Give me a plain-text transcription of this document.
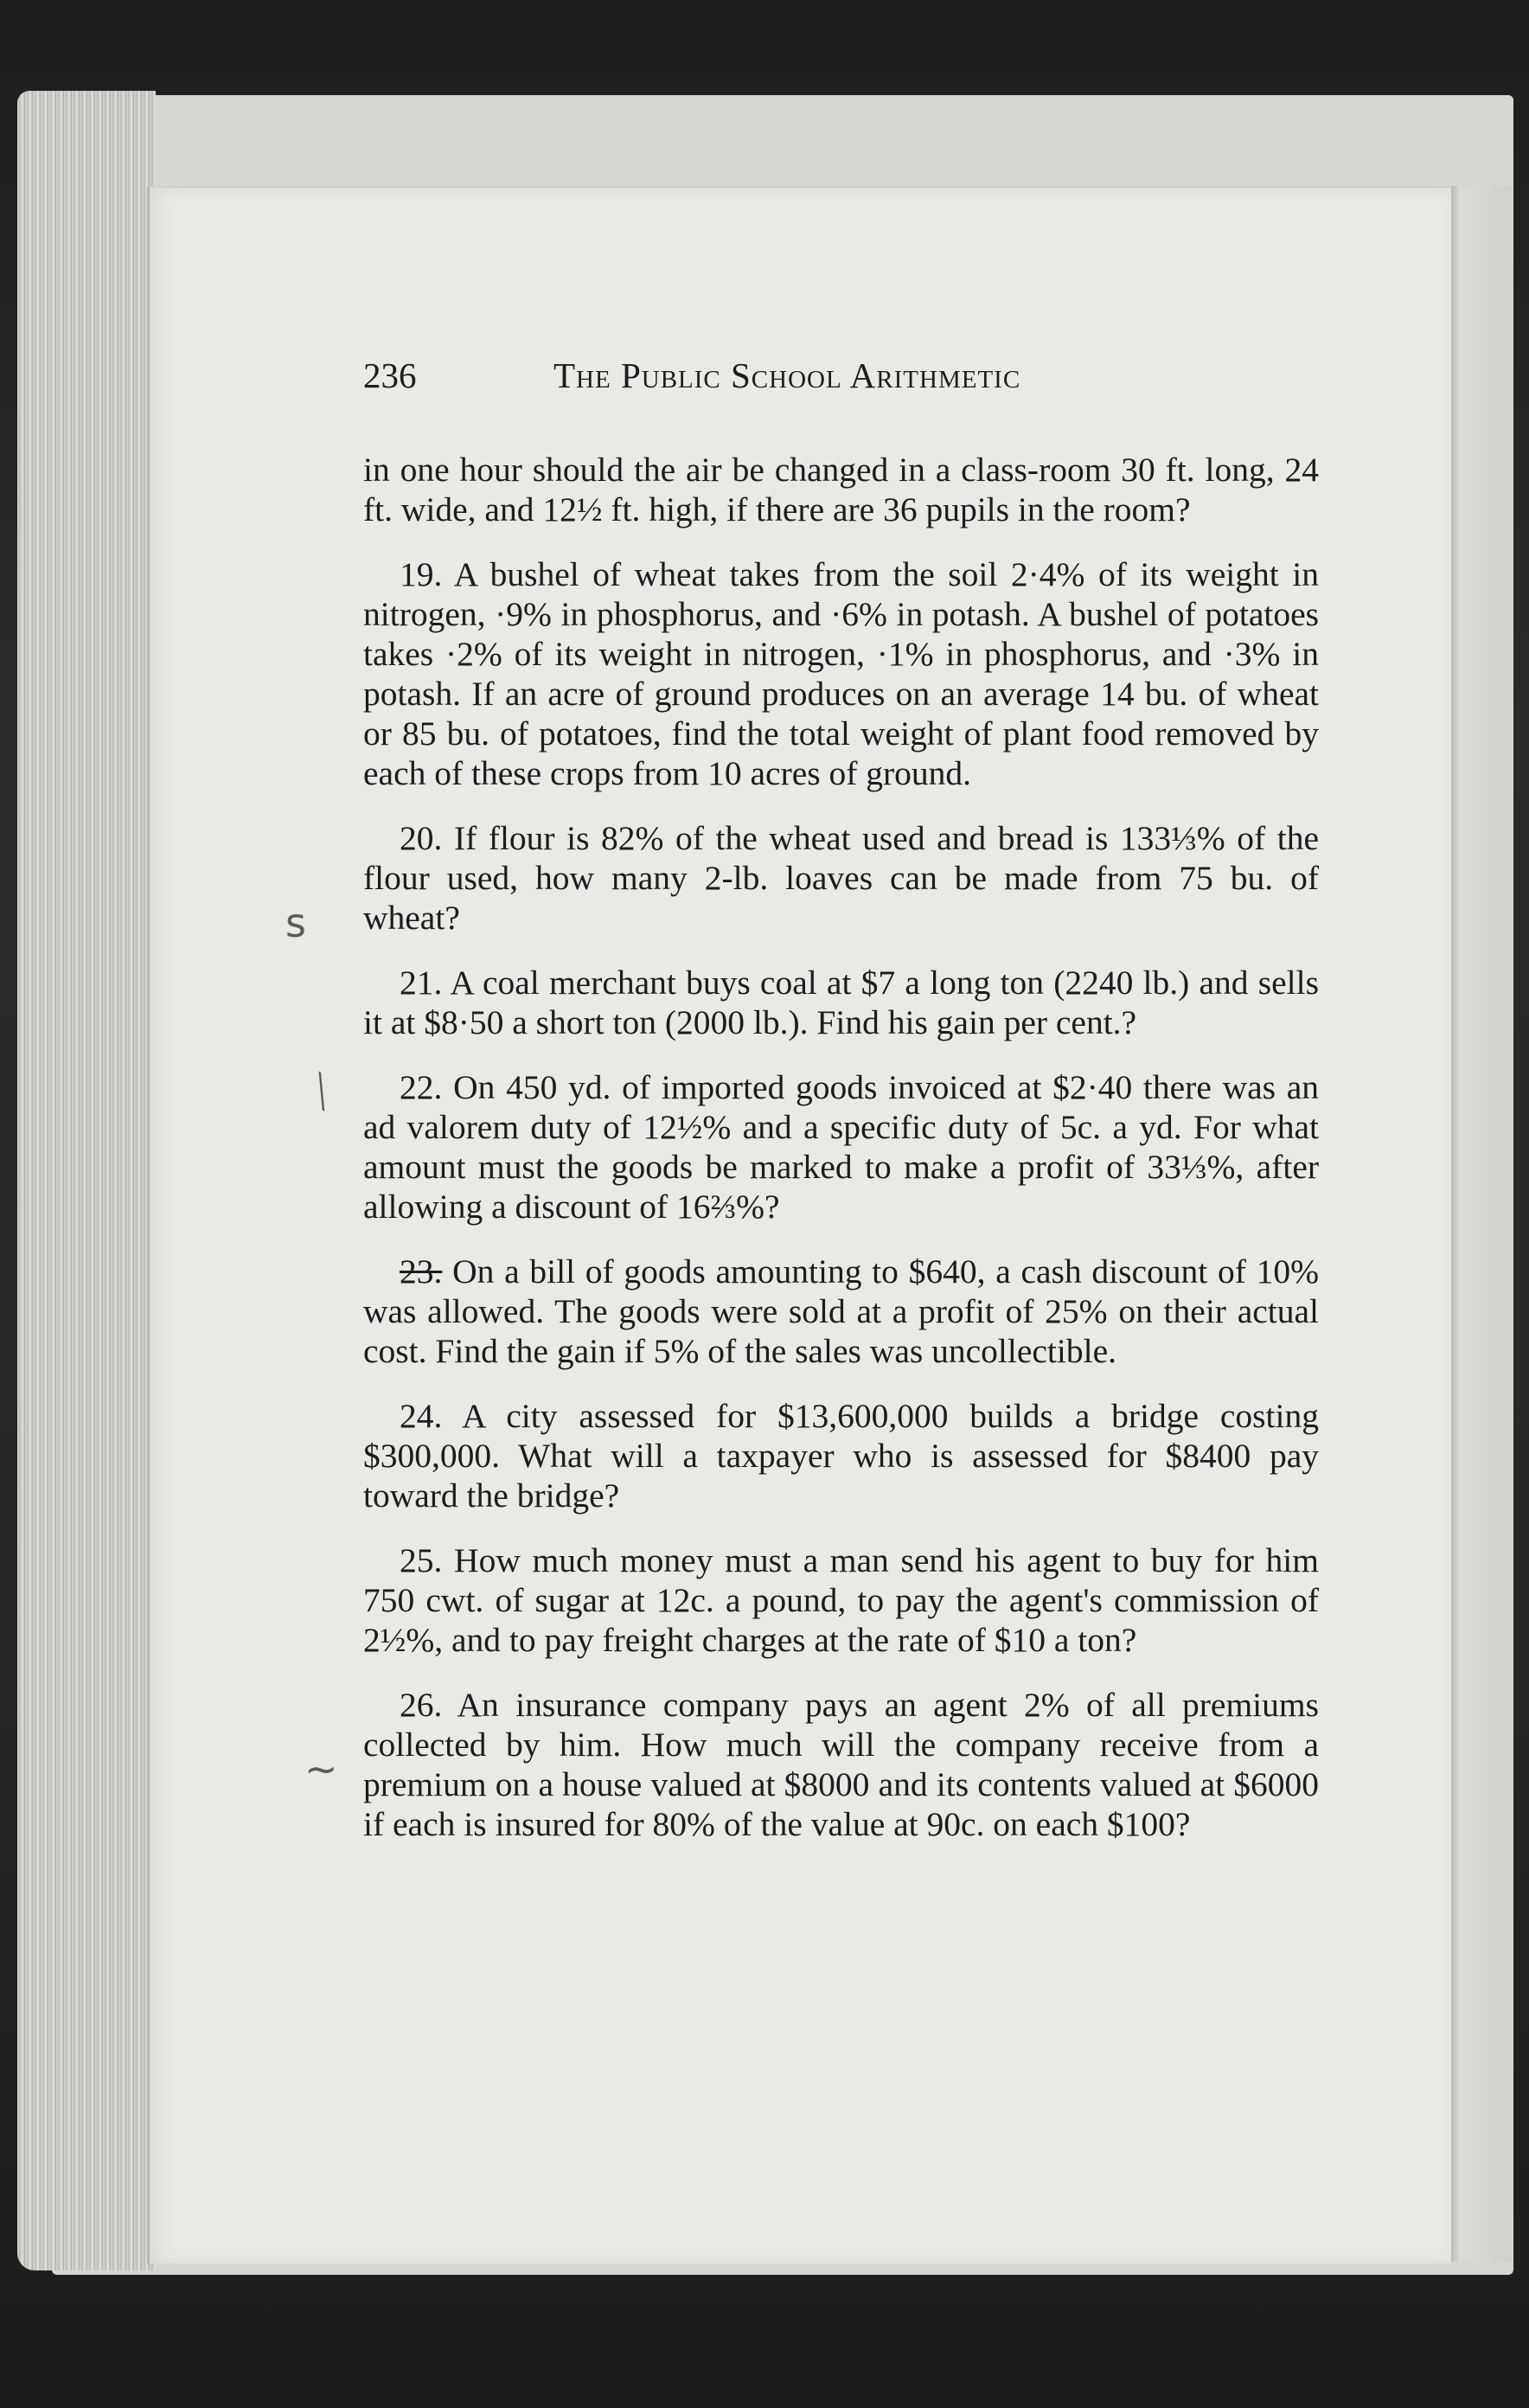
ꜱ
⟍
~
236	The Public School Arithmetic

in one hour should the air be changed in a class-room 30 ft. long, 24 ft. wide, and 12½ ft. high, if there are 36 pupils in the room?

19. A bushel of wheat takes from the soil 2·4% of its weight in nitrogen, ·9% in phosphorus, and ·6% in potash. A bushel of potatoes takes ·2% of its weight in nitrogen, ·1% in phosphorus, and ·3% in potash. If an acre of ground produces on an average 14 bu. of wheat or 85 bu. of potatoes, find the total weight of plant food removed by each of these crops from 10 acres of ground.

20. If flour is 82% of the wheat used and bread is 133⅓% of the flour used, how many 2-lb. loaves can be made from 75 bu. of wheat?

21. A coal merchant buys coal at $7 a long ton (2240 lb.) and sells it at $8·50 a short ton (2000 lb.). Find his gain per cent.?

22. On 450 yd. of imported goods invoiced at $2·40 there was an ad valorem duty of 12½% and a specific duty of 5c. a yd. For what amount must the goods be marked to make a profit of 33⅓%, after allowing a discount of 16⅔%?

23. On a bill of goods amounting to $640, a cash discount of 10% was allowed. The goods were sold at a profit of 25% on their actual cost. Find the gain if 5% of the sales was uncollectible.

24. A city assessed for $13,600,000 builds a bridge costing $300,000. What will a taxpayer who is assessed for $8400 pay toward the bridge?

25. How much money must a man send his agent to buy for him 750 cwt. of sugar at 12c. a pound, to pay the agent's commission of 2½%, and to pay freight charges at the rate of $10 a ton?

26. An insurance company pays an agent 2% of all premiums collected by him. How much will the company receive from a premium on a house valued at $8000 and its contents valued at $6000 if each is insured for 80% of the value at 90c. on each $100?
